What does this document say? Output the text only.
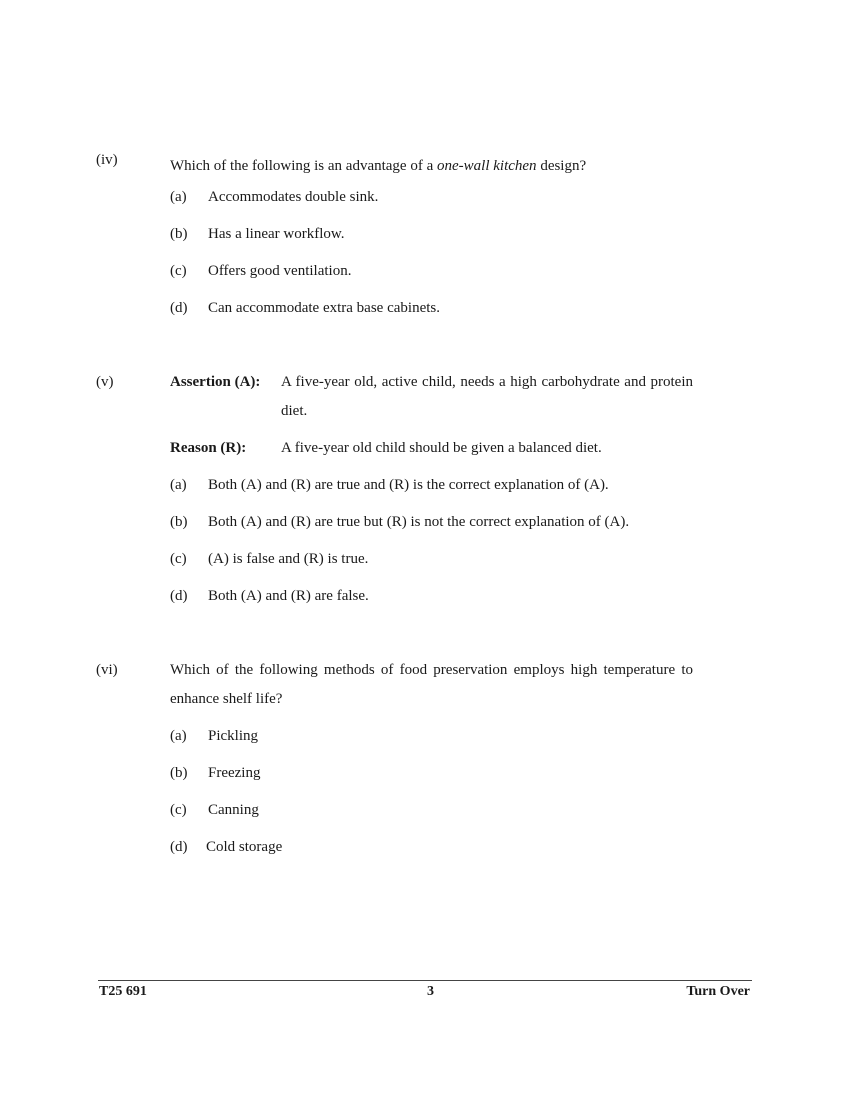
(iv)	Which of the following is an advantage of a one-wall kitchen design?
(a) Accommodates double sink.
(b) Has a linear workflow.
(c) Offers good ventilation.
(d) Can accommodate extra base cabinets.
(v)	Assertion (A): A five-year old, active child, needs a high carbohydrate and protein diet.
Reason (R): A five-year old child should be given a balanced diet.
(a) Both (A) and (R) are true and (R) is the correct explanation of (A).
(b) Both (A) and (R) are true but (R) is not the correct explanation of (A).
(c) (A) is false and (R) is true.
(d) Both (A) and (R) are false.
(vi)	Which of the following methods of food preservation employs high temperature to enhance shelf life?
(a) Pickling
(b) Freezing
(c) Canning
(d) Cold storage
T25 691	3	Turn Over
